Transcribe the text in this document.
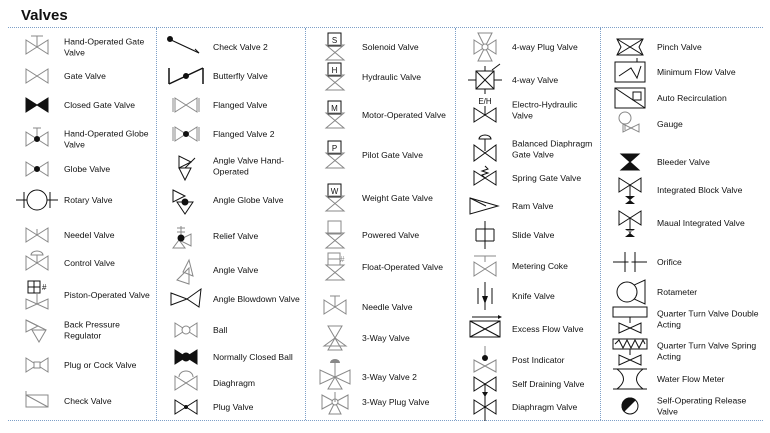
Valves
Hand-Operated Gate Valve
Gate Valve
Closed Gate Valve
Hand-Operated Globe Valve
Globe Valve
Rotary Valve
Needel Valve
Control Valve
#
Piston-Operated Valve
Back Pressure Regulator
Plug or Cock Valve
Check Valve
Check Valve 2
Butterfly Valve
Flanged Valve
Flanged Valve 2
Angle Valve Hand-Operated
Angle Globe Valve
Relief Valve
Angle Valve
Angle Blowdown Valve
Ball
Normally Closed Ball
Diaghragm
Plug Valve
S
Solenoid Valve
H
Hydraulic Valve
M
Motor-Operated Valve
P
Pilot Gate Valve
W
Weight Gate Valve
Powered Valve
#
Float-Operated Valve
Needle Valve
3-Way Valve
3-Way Valve 2
3-Way Plug Valve
4-way Plug Valve
4-way Valve
E/H Electro-Hydraulic Valve
Balanced Diaphragm Gate Valve
Spring Gate Valve
Ram Valve
Slide Valve
Metering Coke
Knife Valve
Excess Flow Valve
Post Indicator
Self Draining Valve
Diaphragm Valve
Pinch Valve
Minimum Flow Valve
Auto Recirculation
Gauge
Bleeder Valve
Integrated Block Valve
Maual Integrated Valve
Orifice
Rotameter
Quarter Turn Valve Double Acting
Quarter Turn Valve Spring Acting
Water Flow Meter
Self-Operating Release Valve
